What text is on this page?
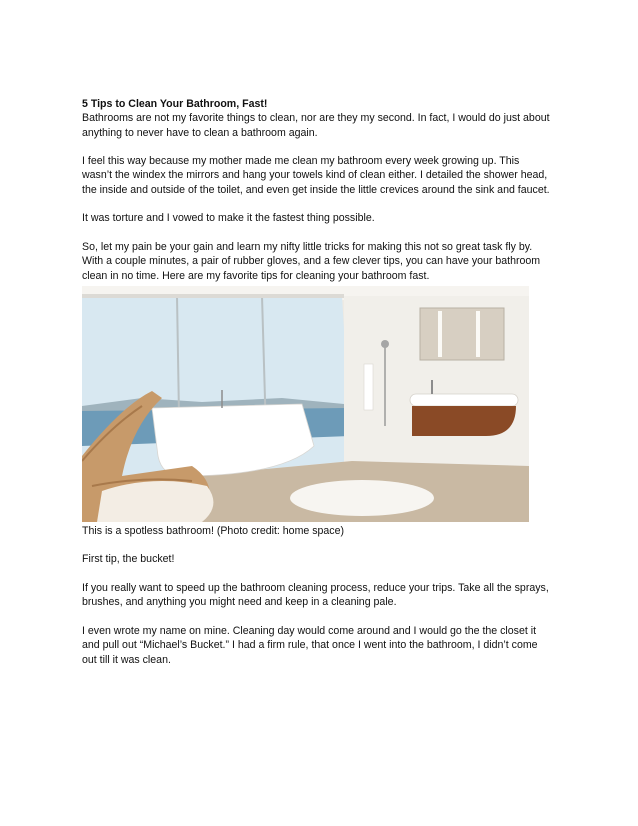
5 Tips to Clean Your Bathroom, Fast!

Bathrooms are not my favorite things to clean, nor are they my second. In fact, I would do just about anything to never have to clean a bathroom again.

I feel this way because my mother made me clean my bathroom every week growing up. This wasn’t the windex the mirrors and hang your towels kind of clean either. I detailed the shower head, the inside and outside of the toilet, and even get inside the little crevices around the sink and faucet.

It was torture and I vowed to make it the fastest thing possible.

So, let my pain be your gain and learn my nifty little tricks for making this not so great task fly by. With a couple minutes, a pair of rubber gloves, and a few clever tips, you can have your bathroom clean in no time. Here are my favorite tips for cleaning your bathroom fast.

This is a spotless bathroom! (Photo credit: home space)

First tip, the bucket!

If you really want to speed up the bathroom cleaning process, reduce your trips. Take all the sprays, brushes, and anything you might need and keep in a cleaning pale.

I even wrote my name on mine. Cleaning day would come around and I would go the the closet it and pull out “Michael’s Bucket.” I had a firm rule, that once I went into the bathroom, I didn’t come out till it was clean.
